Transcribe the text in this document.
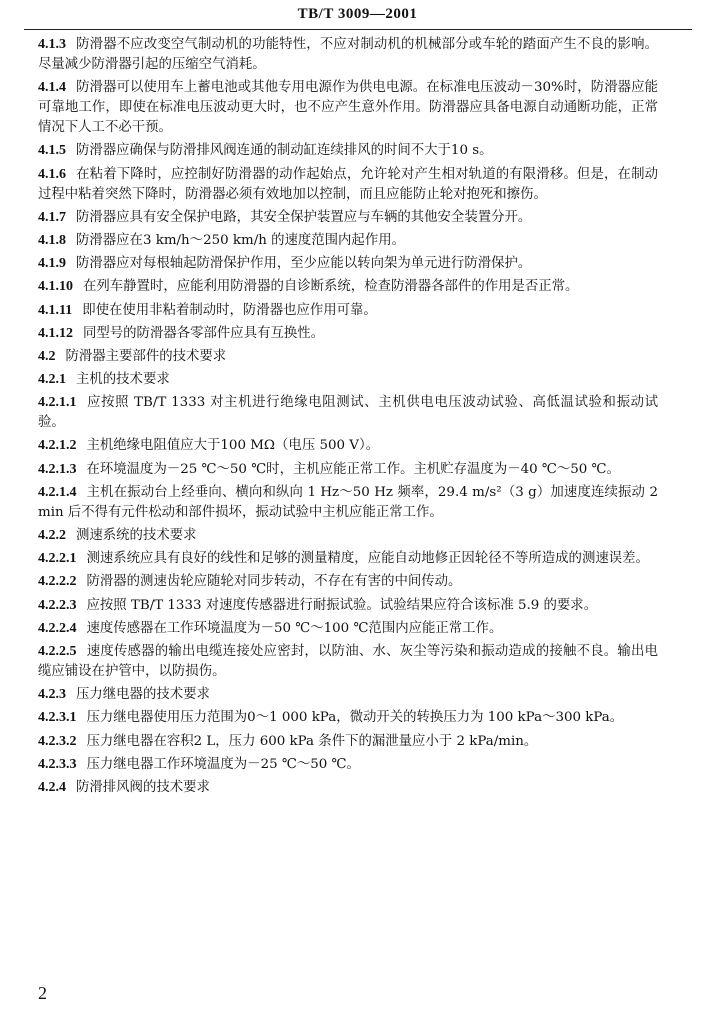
TB/T 3009—2001

4.1.3 防滑器不应改变空气制动机的功能特性，不应对制动机的机械部分或车轮的踏面产生不良的影响。尽量减少防滑器引起的压缩空气消耗。

4.1.4 防滑器可以使用车上蓄电池或其他专用电源作为供电电源。在标准电压波动－30%时，防滑器应能可靠地工作，即使在标准电压波动更大时，也不应产生意外作用。防滑器应具备电源自动通断功能，正常情况下人工不必干预。

4.1.5 防滑器应确保与防滑排风阀连通的制动缸连续排风的时间不大于10 s。

4.1.6 在粘着下降时，应控制好防滑器的动作起始点，允许轮对产生相对轨道的有限滑移。但是，在制动过程中粘着突然下降时，防滑器必须有效地加以控制，而且应能防止轮对抱死和擦伤。

4.1.7 防滑器应具有安全保护电路，其安全保护装置应与车辆的其他安全装置分开。

4.1.8 防滑器应在3 km/h～250 km/h 的速度范围内起作用。

4.1.9 防滑器应对每根轴起防滑保护作用，至少应能以转向架为单元进行防滑保护。

4.1.10 在列车静置时，应能利用防滑器的自诊断系统，检查防滑器各部件的作用是否正常。

4.1.11 即使在使用非粘着制动时，防滑器也应作用可靠。

4.1.12 同型号的防滑器各零部件应具有互换性。

4.2 防滑器主要部件的技术要求

4.2.1 主机的技术要求

4.2.1.1 应按照 TB/T 1333 对主机进行绝缘电阻测试、主机供电电压波动试验、高低温试验和振动试验。

4.2.1.2 主机绝缘电阻值应大于100 MΩ（电压 500 V）。

4.2.1.3 在环境温度为－25 ℃～50 ℃时，主机应能正常工作。主机贮存温度为－40 ℃～50 ℃。

4.2.1.4 主机在振动台上经垂向、横向和纵向 1 Hz～50 Hz 频率，29.4 m/s²（3 g）加速度连续振动 2 min 后不得有元件松动和部件损坏，振动试验中主机应能正常工作。

4.2.2 测速系统的技术要求

4.2.2.1 测速系统应具有良好的线性和足够的测量精度，应能自动地修正因轮径不等所造成的测速误差。

4.2.2.2 防滑器的测速齿轮应随轮对同步转动，不存在有害的中间传动。

4.2.2.3 应按照 TB/T 1333 对速度传感器进行耐振试验。试验结果应符合该标准 5.9 的要求。

4.2.2.4 速度传感器在工作环境温度为－50 ℃～100 ℃范围内应能正常工作。

4.2.2.5 速度传感器的输出电缆连接处应密封，以防油、水、灰尘等污染和振动造成的接触不良。输出电缆应铺设在护管中，以防损伤。

4.2.3 压力继电器的技术要求

4.2.3.1 压力继电器使用压力范围为0～1 000 kPa，微动开关的转换压力为 100 kPa～300 kPa。

4.2.3.2 压力继电器在容积2 L，压力 600 kPa 条件下的漏泄量应小于 2 kPa/min。

4.2.3.3 压力继电器工作环境温度为－25 ℃～50 ℃。

4.2.4 防滑排风阀的技术要求

2
